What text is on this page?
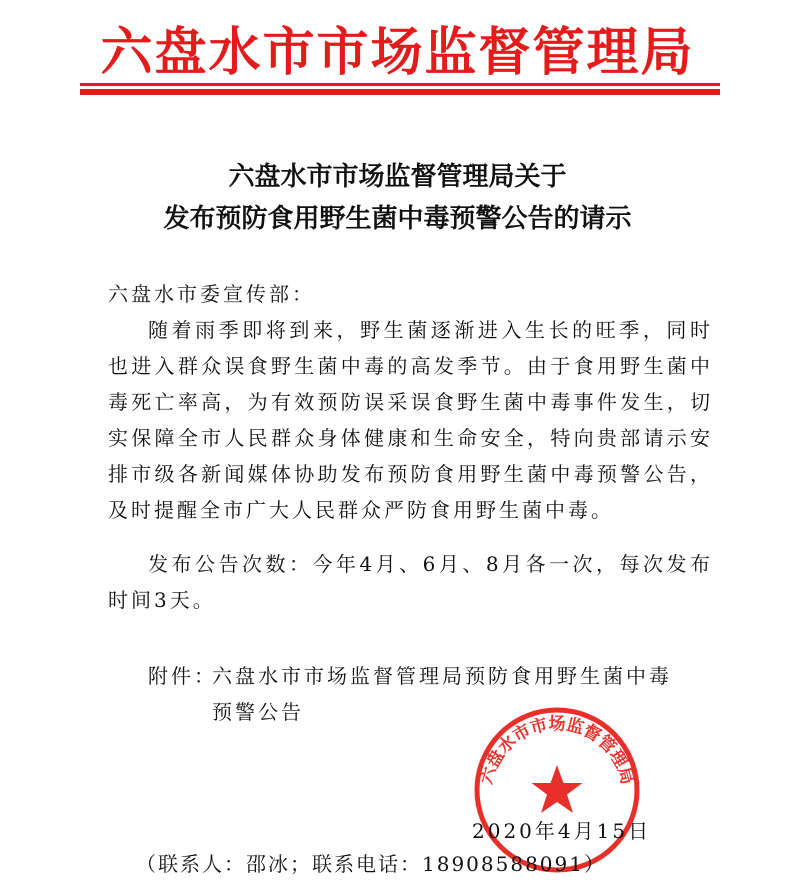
六盘水市市场监督管理局
六盘水市市场监督管理局关于
发布预防食用野生菌中毒预警公告的请示
六盘水市委宣传部：
随着雨季即将到来，野生菌逐渐进入生长的旺季，同时也进入群众误食野生菌中毒的高发季节。由于食用野生菌中毒死亡率高，为有效预防误采误食野生菌中毒事件发生，切实保障全市人民群众身体健康和生命安全，特向贵部请示安排市级各新闻媒体协助发布预防食用野生菌中毒预警公告，及时提醒全市广大人民群众严防食用野生菌中毒。
发布公告次数：今年4月、6月、8月各一次，每次发布时间3天。
附件：
六盘水市市场监督管理局预防食用野生菌中毒预警公告
六盘水市市场监督管理局
2020年4月15日
（联系人：邵冰；联系电话：18908588091）
